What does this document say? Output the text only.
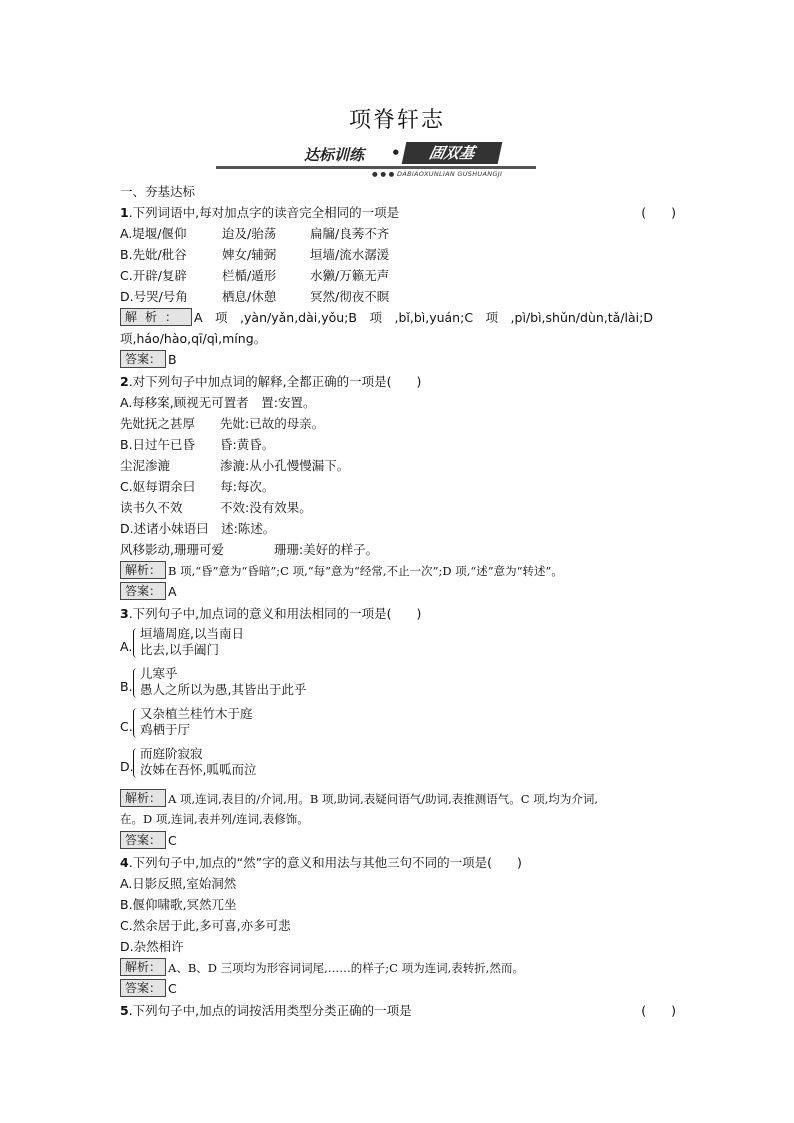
项脊轩志
达标训练 •	固双基
● ● ● DABIAOXUNLIAN GUSHUANGJI
一、夯基达标
1.下列词语中,每对加点字的读音完全相同的一项是	(　　)
A.堤堰/偃仰	迨及/骀荡	扁牖/良莠不齐
B.先妣/秕谷	婢女/辅弼	垣墙/流水潺湲
C.开辟/复辟	栏楯/遁形	水獭/万籁无声
D.号哭/号角	栖息/休憩	冥然/彻夜不瞑
解析： A　项　,yàn/yǎn,dài,yǒu;B　项　,bǐ,bì,yuán;C　项　,pì/bì,shǔn/dùn,tǎ/lài;D
项,háo/hào,qī/qì,míng。
答案： B
2.对下列句子中加点词的解释,全都正确的一项是(　　)
A.每移案,顾视无可置者　置:安置。
先妣抚之甚厚　　先妣:已故的母亲。
B.日过午已昏　　昏:黄昏。
尘泥渗漉　　　　渗漉:从小孔慢慢漏下。
C.妪每谓余曰　　每:每次。
读书久不效　　　不效:没有效果。
D.述诸小妹语曰　述:陈述。
风移影动,珊珊可爱　　　　珊珊:美好的样子。
解析： B 项,“昏”意为“昏暗”;C 项,“每”意为“经常,不止一次”;D 项,“述”意为“转述”。
答案： A
3.下列句子中,加点词的意义和用法相同的一项是(　　)
A.
垣墙周庭,以当南日
比去,以手阖门
B.
儿寒乎
愚人之所以为愚,其皆出于此乎
C.
又杂植兰桂竹木于庭
鸡栖于厅
D.
而庭阶寂寂
汝姊在吾怀,呱呱而泣
解析： A 项,连词,表目的/介词,用。B 项,助词,表疑问语气/助词,表推测语气。C 项,均为介词,
在。D 项,连词,表并列/连词,表修饰。
答案： C
4.下列句子中,加点的“然”字的意义和用法与其他三句不同的一项是(　　)
A.日影反照,室始洞然
B.偃仰啸歌,冥然兀坐
C.然余居于此,多可喜,亦多可悲
D.杂然相许
解析： A、B、D 三项均为形容词词尾,……的样子;C 项为连词,表转折,然而。
答案： C
5.下列句子中,加点的词按活用类型分类正确的一项是	(　　)
